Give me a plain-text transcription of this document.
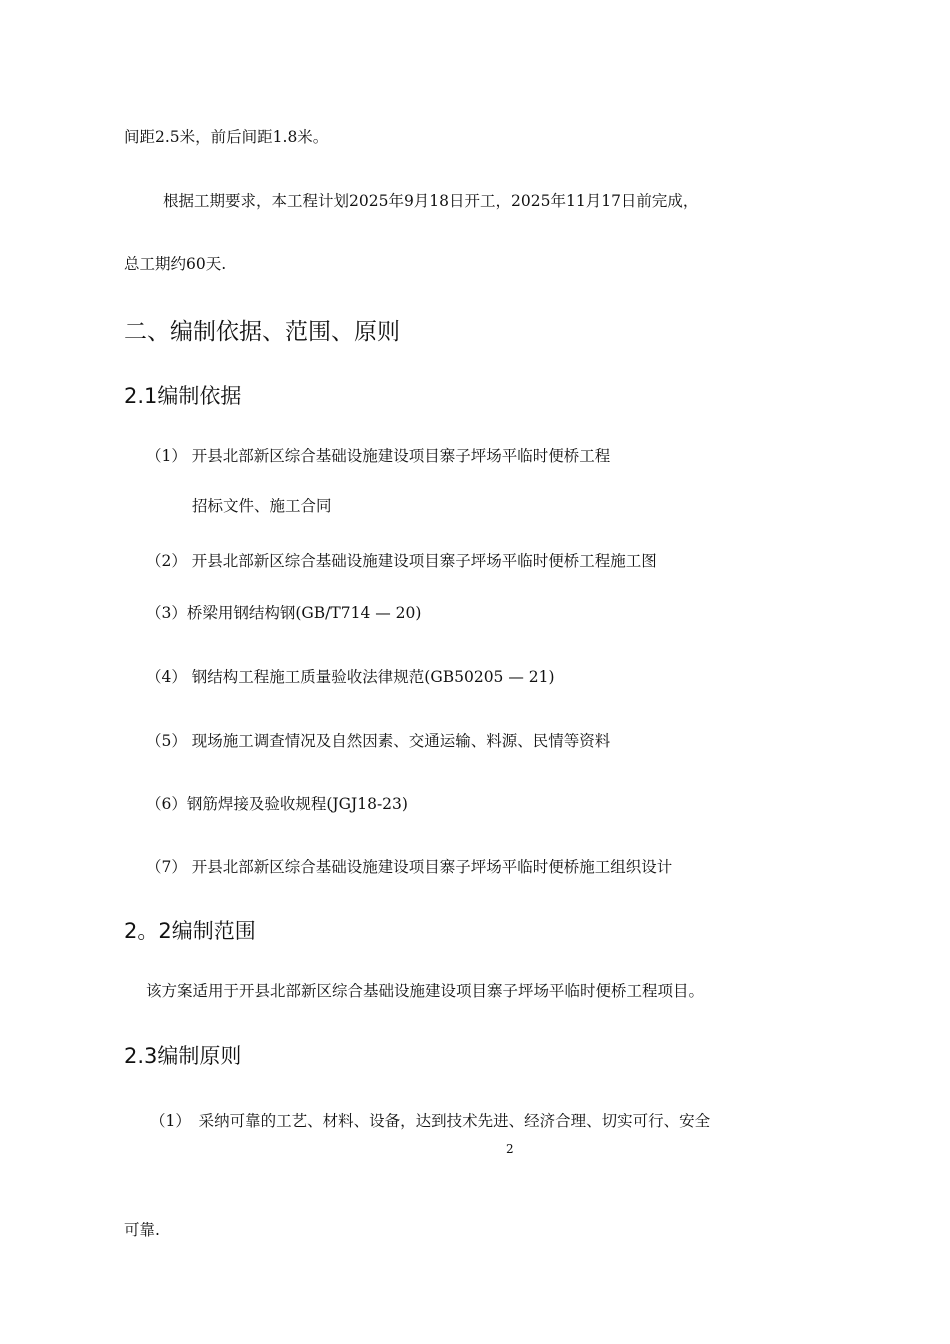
间距2.5米，前后间距1.8米。
根据工期要求，本工程计划2025年9月18日开工，2025年11月17日前完成，
总工期约60天.
二、编制依据、范围、原则
2.1编制依据
（1） 开县北部新区综合基础设施建设项目寨子坪场平临时便桥工程
招标文件、施工合同
（2） 开县北部新区综合基础设施建设项目寨子坪场平临时便桥工程施工图
（3）桥梁用钢结构钢(GB/T714 — 20)
（4） 钢结构工程施工质量验收法律规范(GB50205 — 21)
（5） 现场施工调查情况及自然因素、交通运输、料源、民情等资料
（6）钢筋焊接及验收规程(JGJ18-23)
（7） 开县北部新区综合基础设施建设项目寨子坪场平临时便桥施工组织设计
2。2编制范围
该方案适用于开县北部新区综合基础设施建设项目寨子坪场平临时便桥工程项目。
2.3编制原则
（1）　采纳可靠的工艺、材料、设备，达到技术先进、经济合理、切实可行、安全
2
可靠.
